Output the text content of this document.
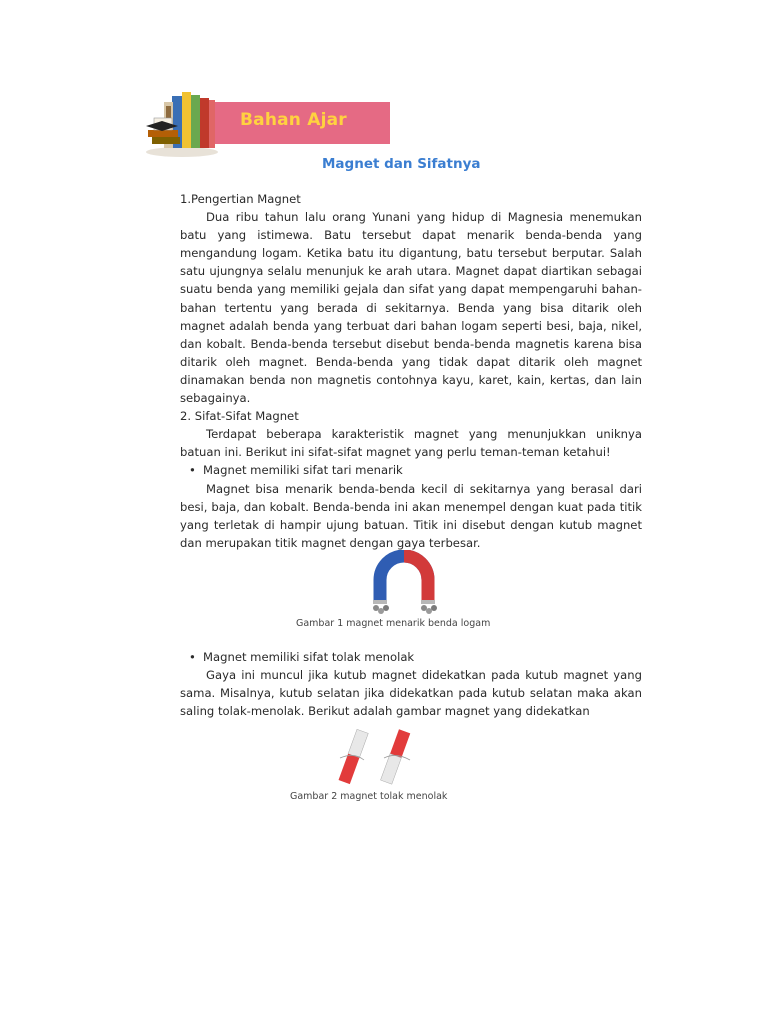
Bahan Ajar
Magnet dan Sifatnya

1.Pengertian Magnet

Dua ribu tahun lalu orang Yunani yang hidup di Magnesia menemukan batu yang istimewa. Batu tersebut dapat menarik benda-benda yang mengandung logam. Ketika batu itu digantung, batu tersebut berputar. Salah satu ujungnya selalu menunjuk ke arah utara. Magnet dapat diartikan sebagai suatu benda yang memiliki gejala dan sifat yang dapat mempengaruhi bahan-bahan tertentu yang berada di sekitarnya. Benda yang bisa ditarik oleh magnet adalah benda yang terbuat dari bahan logam seperti besi, baja, nikel, dan kobalt. Benda-benda tersebut disebut benda-benda magnetis karena bisa ditarik oleh magnet. Benda-benda yang tidak dapat ditarik oleh magnet dinamakan benda non magnetis contohnya kayu, karet, kain, kertas, dan lain sebagainya.

2. Sifat-Sifat Magnet

Terdapat beberapa karakteristik magnet yang menunjukkan uniknya batuan ini. Berikut ini sifat-sifat magnet yang perlu teman-teman ketahui!

• Magnet memiliki sifat tari menarik

Magnet bisa menarik benda-benda kecil di sekitarnya yang berasal dari besi, baja, dan kobalt. Benda-benda ini akan menempel dengan kuat pada titik yang terletak di hampir ujung batuan. Titik ini disebut dengan kutub magnet dan merupakan titik magnet dengan gaya terbesar.

Gambar 1 magnet menarik benda logam

• Magnet memiliki sifat tolak menolak

Gaya ini muncul jika kutub magnet didekatkan pada kutub magnet yang sama. Misalnya, kutub selatan jika didekatkan pada kutub selatan maka akan saling tolak-menolak. Berikut adalah gambar magnet yang didekatkan

Gambar 2 magnet tolak menolak
